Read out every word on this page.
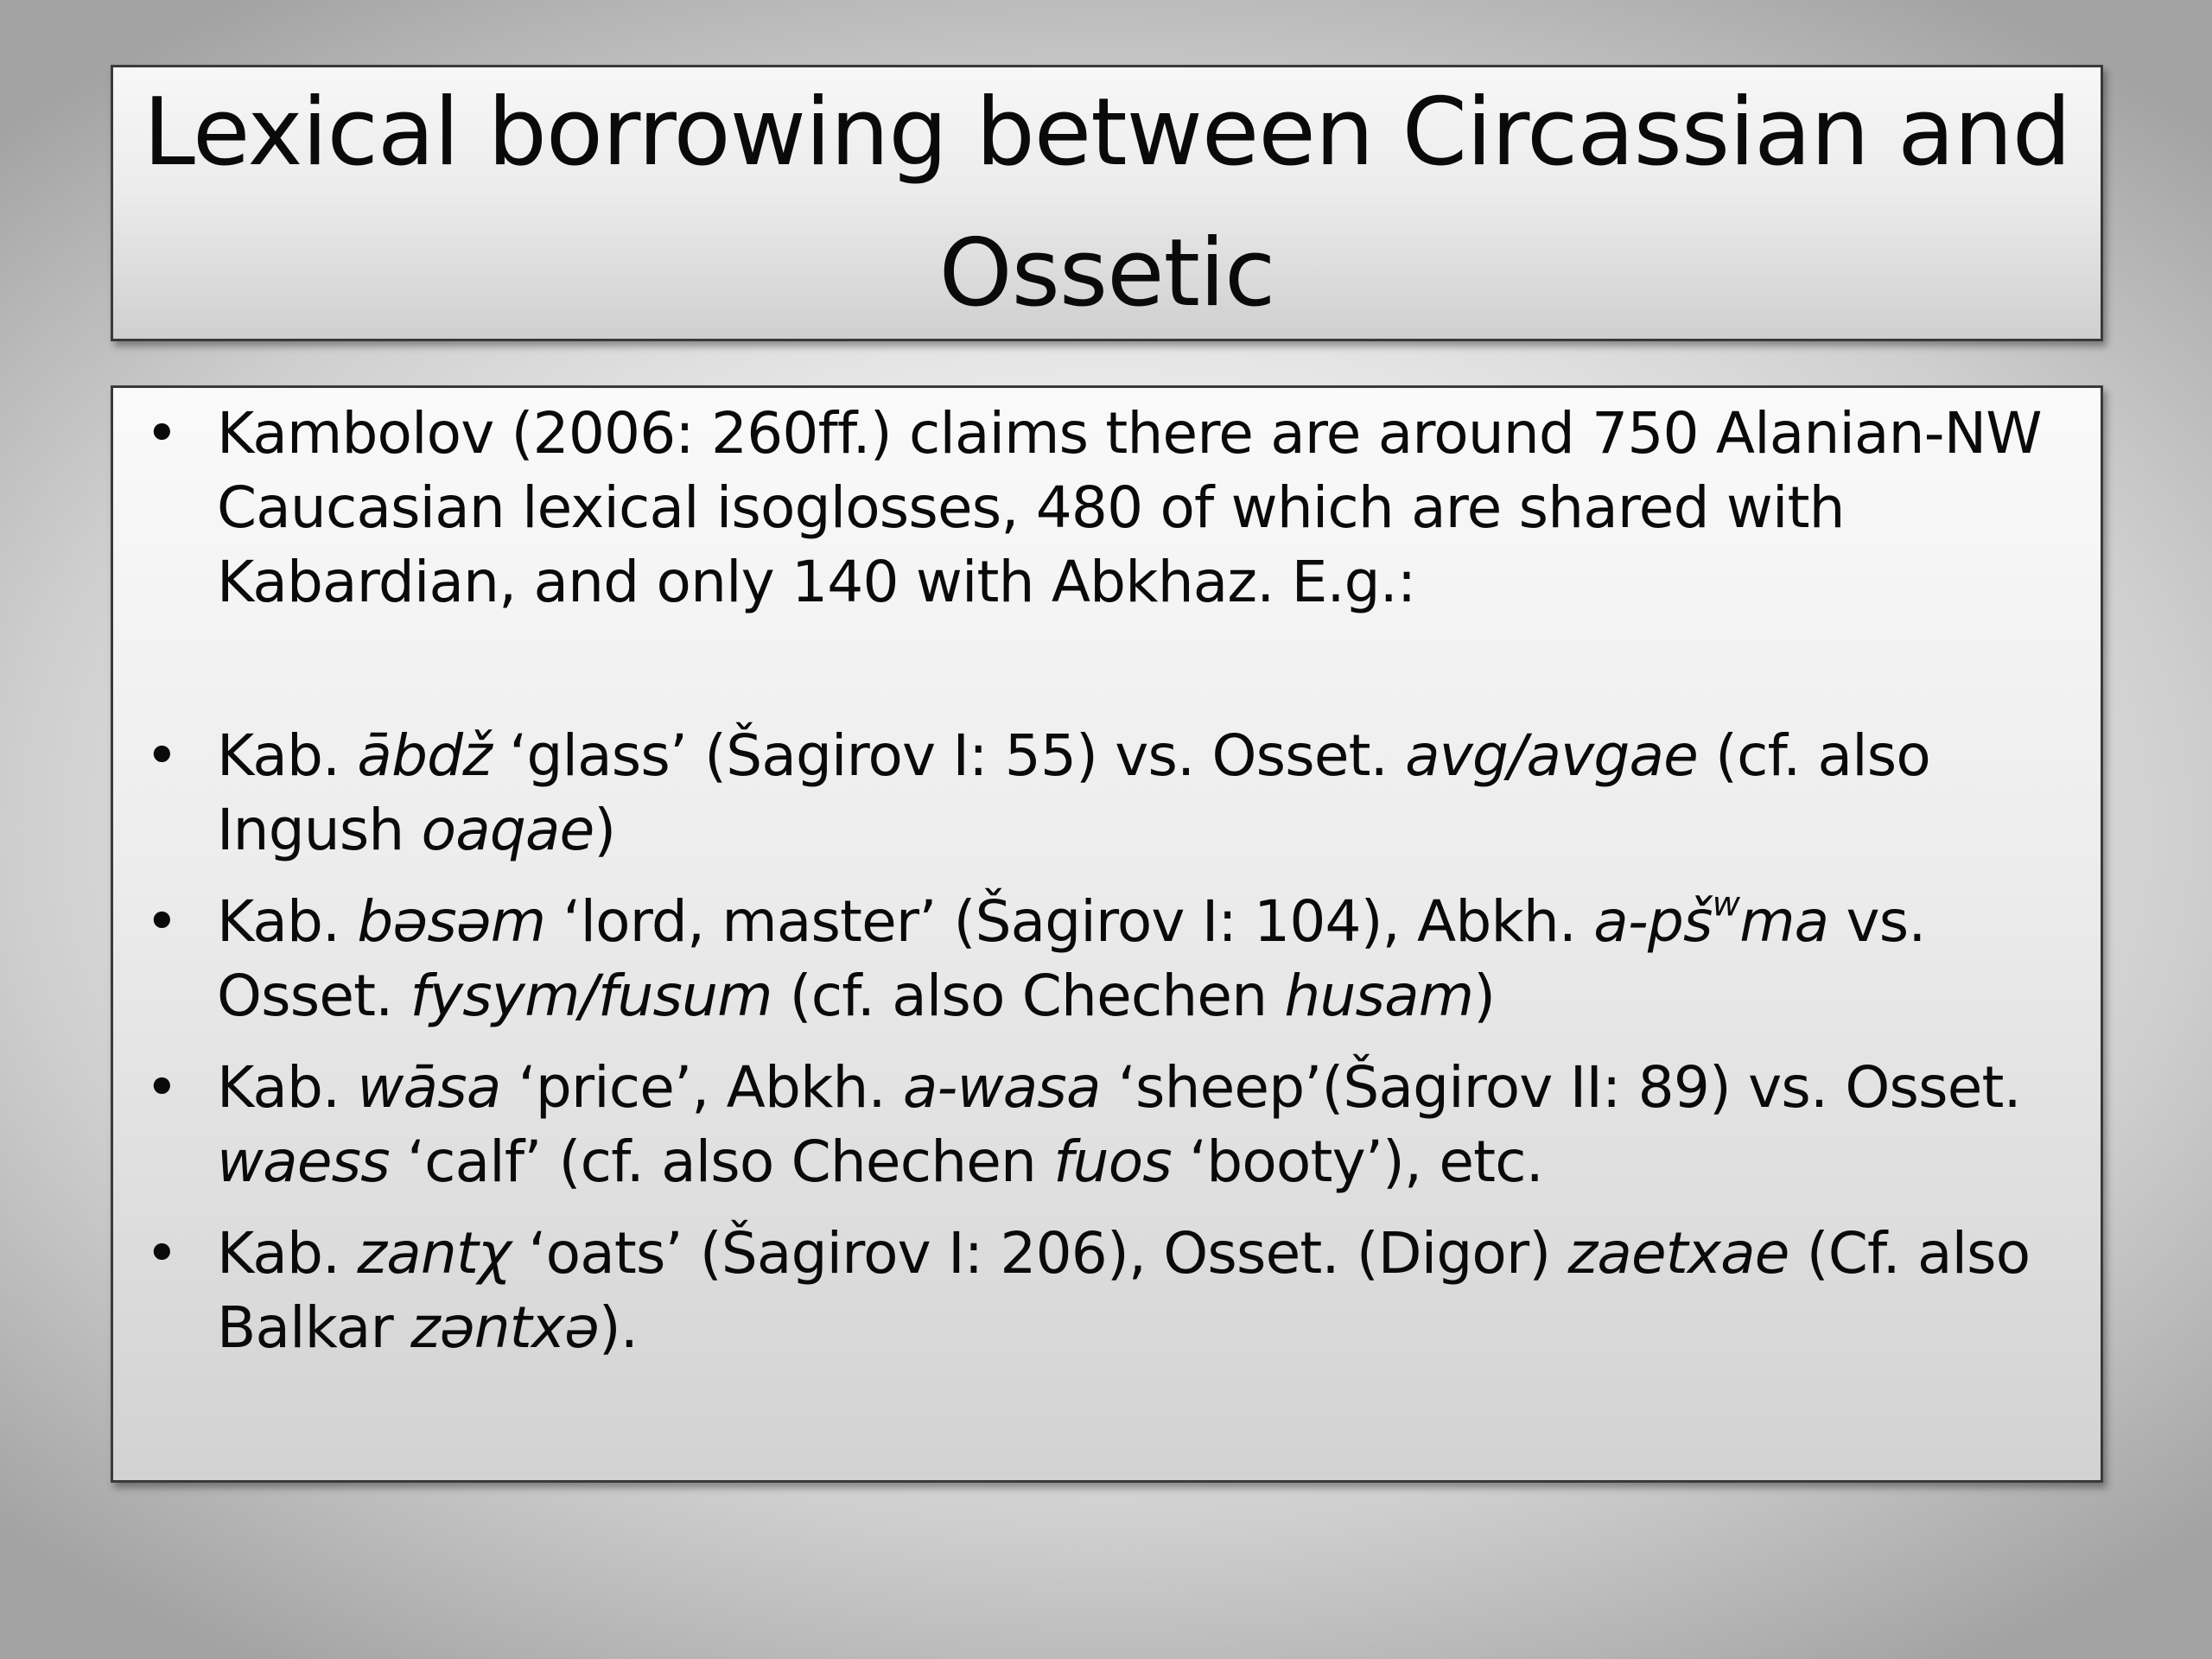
Lexical borrowing between Circassian and Ossetic
• Kambolov (2006: 260ff.) claims there are around 750 Alanian-NW Caucasian lexical isoglosses, 480 of which are shared with Kabardian, and only 140 with Abkhaz. E.g.:
• Kab. ābdž ‘glass’ (Šagirov I: 55) vs. Osset. avg/avgae (cf. also Ingush oaqae)
• Kab. bəsəm ‘lord, master’ (Šagirov I: 104), Abkh. $a-pš^wma$ vs. Osset. fysym/fusum (cf. also Chechen husam)
• Kab. wāsa ‘price’, Abkh. a-wasa ‘sheep’(Šagirov II: 89) vs. Osset. waess ‘calf’ (cf. also Chechen fuos ‘booty’), etc.
• Kab. zantχ ‘oats’ (Šagirov I: 206), Osset. (Digor) zaetxae (Cf. also Balkar zəntxə).
